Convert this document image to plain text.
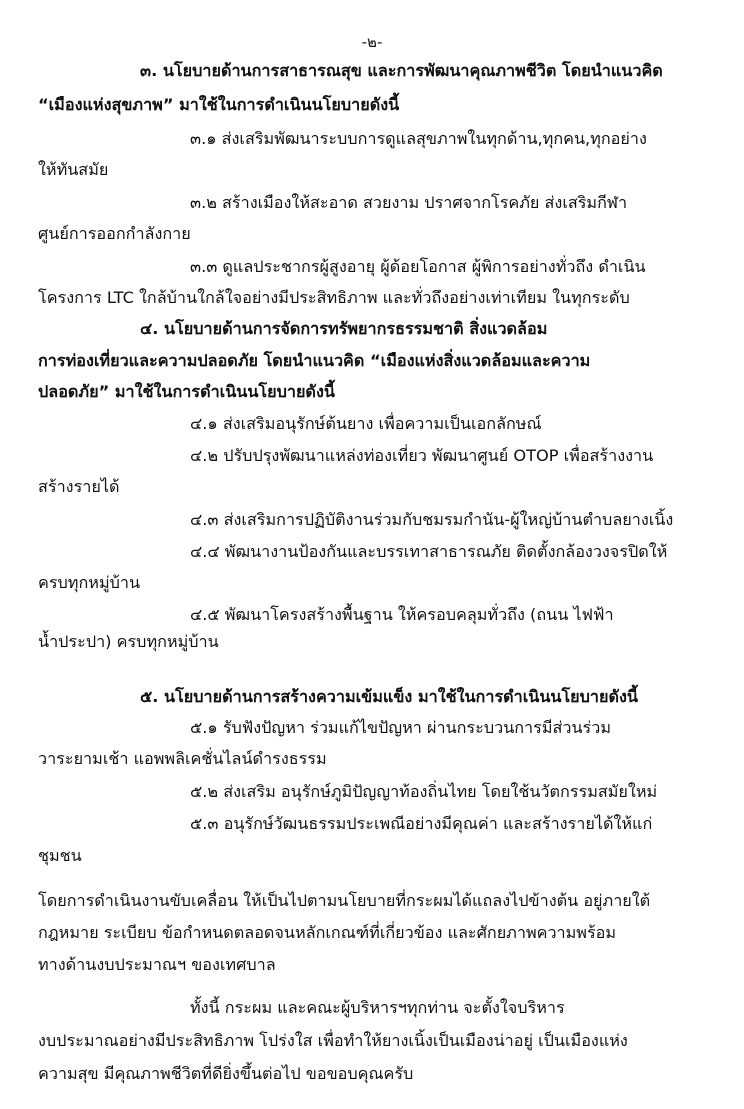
-๒-
๓. นโยบายด้านการสาธารณสุข และการพัฒนาคุณภาพชีวิต โดยนำแนวคิด
“เมืองแห่งสุขภาพ” มาใช้ในการดำเนินนโยบายดังนี้
๓.๑ ส่งเสริมพัฒนาระบบการดูแลสุขภาพในทุกด้าน,ทุกคน,ทุกอย่าง
ให้ทันสมัย
๓.๒ สร้างเมืองให้สะอาด สวยงาม ปราศจากโรคภัย ส่งเสริมกีฬา
ศูนย์การออกกำลังกาย
๓.๓ ดูแลประชากรผู้สูงอายุ ผู้ด้อยโอกาส ผู้พิการอย่างทั่วถึง ดำเนิน
โครงการ LTC ใกล้บ้านใกล้ใจอย่างมีประสิทธิภาพ และทั่วถึงอย่างเท่าเทียม ในทุกระดับ
๔. นโยบายด้านการจัดการทรัพยากรธรรมชาติ สิ่งแวดล้อม
การท่องเที่ยวและความปลอดภัย โดยนำแนวคิด “เมืองแห่งสิ่งแวดล้อมและความ
ปลอดภัย” มาใช้ในการดำเนินนโยบายดังนี้
๔.๑ ส่งเสริมอนุรักษ์ต้นยาง เพื่อความเป็นเอกลักษณ์
๔.๒ ปรับปรุงพัฒนาแหล่งท่องเที่ยว พัฒนาศูนย์ OTOP เพื่อสร้างงาน
สร้างรายได้
๔.๓ ส่งเสริมการปฏิบัติงานร่วมกับชมรมกำนัน-ผู้ใหญ่บ้านตำบลยางเนิ้ง
๔.๔ พัฒนางานป้องกันและบรรเทาสาธารณภัย ติดตั้งกล้องวงจรปิดให้
ครบทุกหมู่บ้าน
๔.๕ พัฒนาโครงสร้างพื้นฐาน ให้ครอบคลุมทั่วถึง (ถนน ไฟฟ้า
น้ำประปา) ครบทุกหมู่บ้าน
๕. นโยบายด้านการสร้างความเข้มแข็ง มาใช้ในการดำเนินนโยบายดังนี้
๕.๑ รับฟังปัญหา ร่วมแก้ไขปัญหา ผ่านกระบวนการมีส่วนร่วม
วาระยามเช้า แอพพลิเคชั่นไลน์ดำรงธรรม
๕.๒ ส่งเสริม อนุรักษ์ภูมิปัญญาท้องถิ่นไทย โดยใช้นวัตกรรมสมัยใหม่
๕.๓ อนุรักษ์วัฒนธรรมประเพณีอย่างมีคุณค่า และสร้างรายได้ให้แก่
ชุมชน
โดยการดำเนินงานขับเคลื่อน ให้เป็นไปตามนโยบายที่กระผมได้แถลงไปข้างต้น อยู่ภายใต้
กฎหมาย ระเบียบ ข้อกำหนดตลอดจนหลักเกณฑ์ที่เกี่ยวข้อง และศักยภาพความพร้อม
ทางด้านงบประมาณฯ ของเทศบาล
ทั้งนี้ กระผม และคณะผู้บริหารฯทุกท่าน จะตั้งใจบริหาร
งบประมาณอย่างมีประสิทธิภาพ โปร่งใส เพื่อทำให้ยางเนิ้งเป็นเมืองน่าอยู่ เป็นเมืองแห่ง
ความสุข มีคุณภาพชีวิตที่ดียิ่งขึ้นต่อไป ขอขอบคุณครับ
